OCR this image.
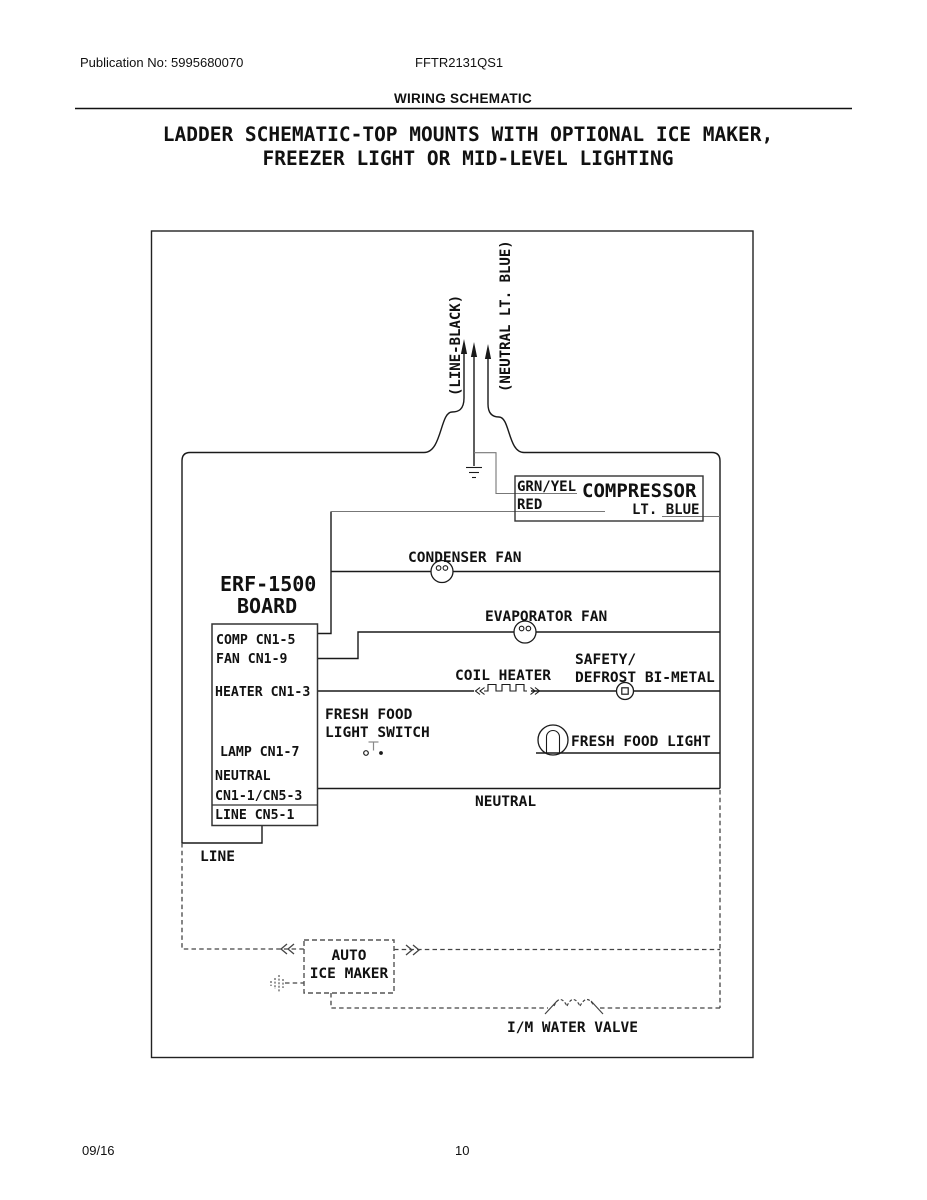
Publication No: 5995680070	FFTR2131QS1
WIRING SCHEMATIC
LADDER SCHEMATIC-TOP MOUNTS WITH OPTIONAL ICE MAKER,
FREEZER LIGHT OR MID-LEVEL LIGHTING
(LINE-BLACK) (NEUTRAL LT. BLUE)
GRN/YEL COMPRESSOR
RED	LT. BLUE
ERF-1500
BOARD
COMP CN1-5
FAN CN1-9
HEATER CN1-3
LAMP CN1-7
NEUTRAL
CN1-1/CN5-3
LINE CN5-1
CONDENSER FAN
EVAPORATOR FAN
COIL HEATER
SAFETY/
DEFROST BI-METAL
FRESH FOOD
LIGHT SWITCH
FRESH FOOD LIGHT
NEUTRAL
LINE
AUTO
ICE MAKER
I/M WATER VALVE
09/16	10
